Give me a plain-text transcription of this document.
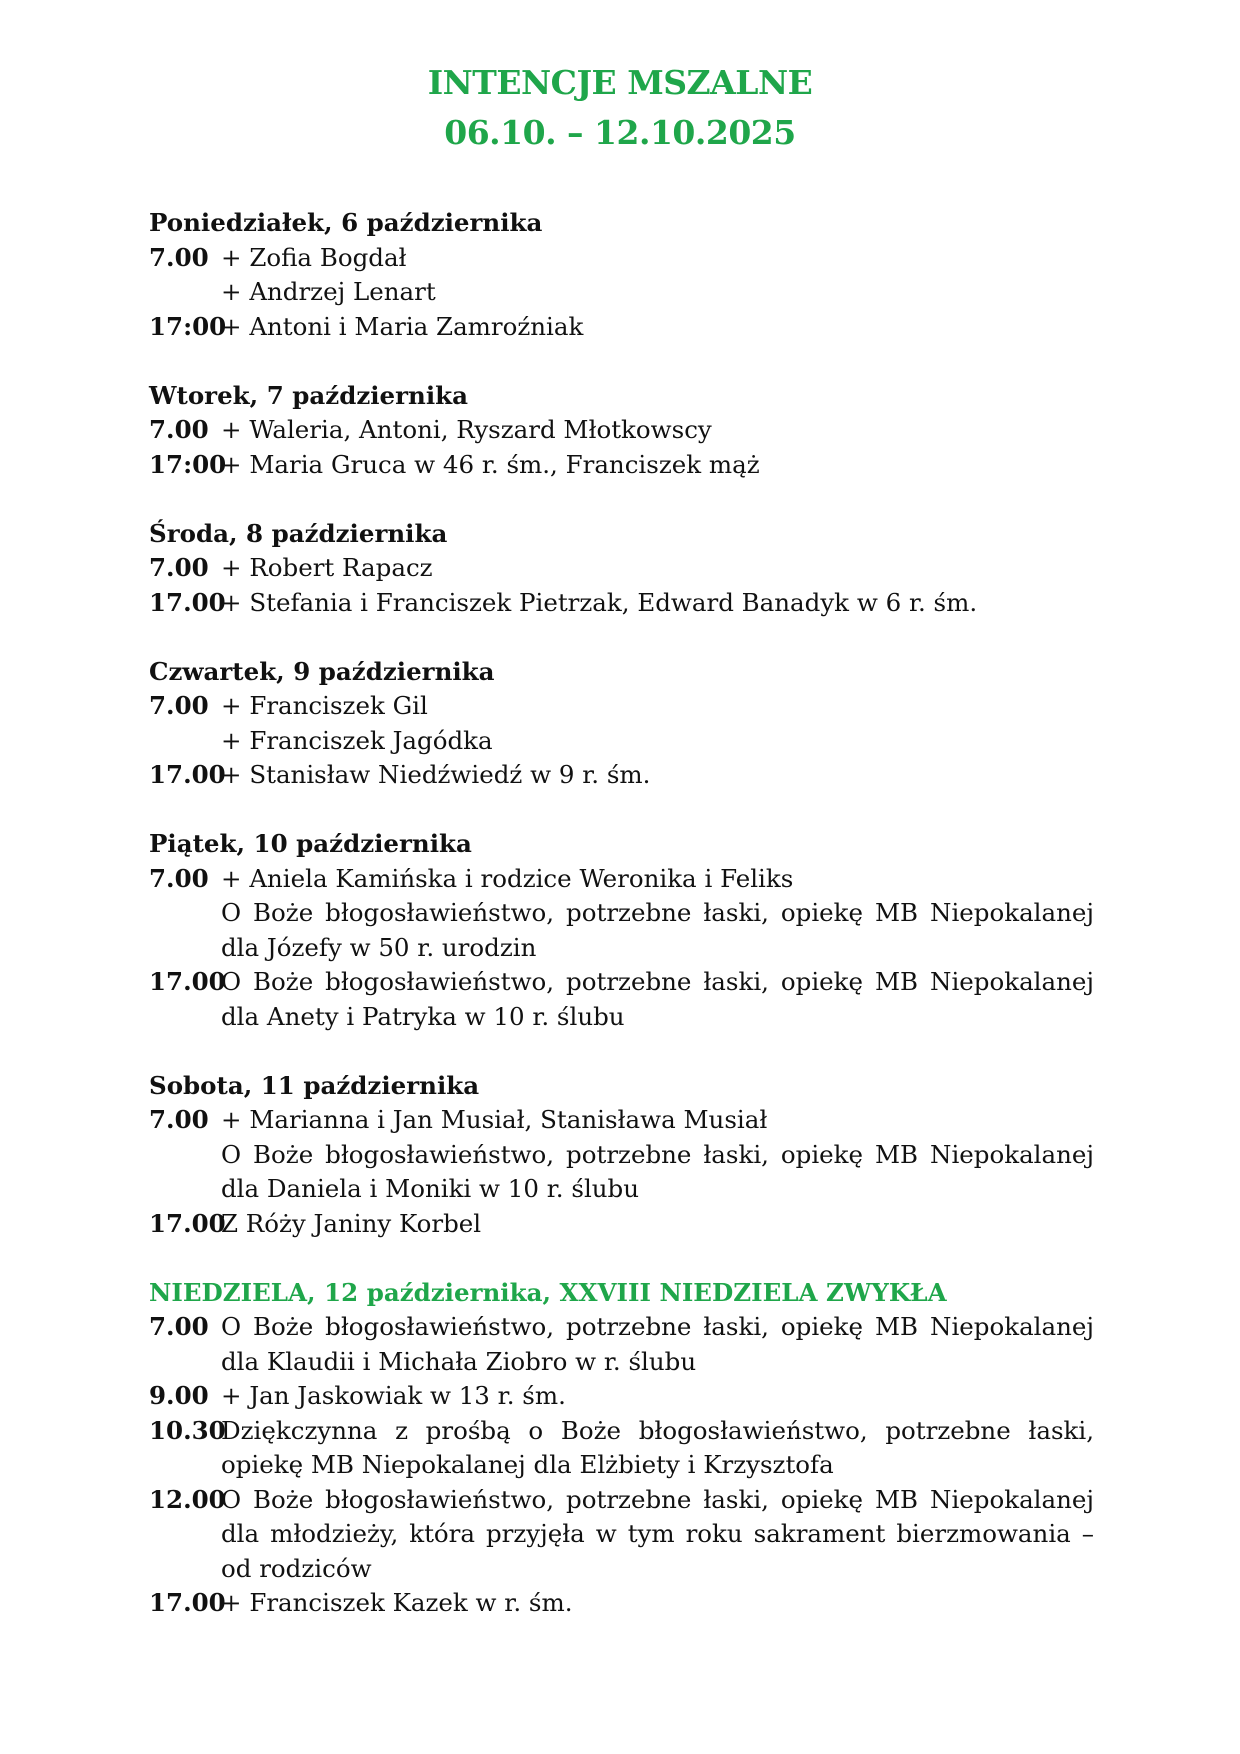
INTENCJE MSZALNE
06.10. – 12.10.2025
Poniedziałek, 6 października
7.00 + Zofia Bogdał
+ Andrzej Lenart
17:00
+ Antoni i Maria Zamroźniak
Wtorek, 7 października
7.00 + Waleria, Antoni, Ryszard Młotkowscy
17:00
+ Maria Gruca w 46 r. śm., Franciszek mąż
Środa, 8 października
7.00 + Robert Rapacz
17.00
+ Stefania i Franciszek Pietrzak, Edward Banadyk w 6 r. śm.
Czwartek, 9 października
7.00 + Franciszek Gil
+ Franciszek Jagódka
17.00
+ Stanisław Niedźwiedź w 9 r. śm.
Piątek, 10 października
7.00 + Aniela Kamińska i rodzice Weronika i Feliks
O Boże błogosławieństwo, potrzebne łaski, opiekę MB Niepokalanej dla Józefy w 50 r. urodzin
17.00
O Boże błogosławieństwo, potrzebne łaski, opiekę MB Niepokalanej dla Anety i Patryka w 10 r. ślubu
Sobota, 11 października
7.00 + Marianna i Jan Musiał, Stanisława Musiał
O Boże błogosławieństwo, potrzebne łaski, opiekę MB Niepokalanej dla Daniela i Moniki w 10 r. ślubu
17.00
Z Róży Janiny Korbel
NIEDZIELA, 12 października, XXVIII NIEDZIELA ZWYKŁA
7.00 O Boże błogosławieństwo, potrzebne łaski, opiekę MB Niepokalanej dla Klaudii i Michała Ziobro w r. ślubu
9.00 + Jan Jaskowiak w 13 r. śm.
10.30
Dziękczynna z prośbą o Boże błogosławieństwo, potrzebne łaski, opiekę MB Niepokalanej dla Elżbiety i Krzysztofa
12.00
O Boże błogosławieństwo, potrzebne łaski, opiekę MB Niepokalanej dla młodzieży, która przyjęła w tym roku sakrament bierzmowania – od rodziców
17.00
+ Franciszek Kazek w r. śm.
